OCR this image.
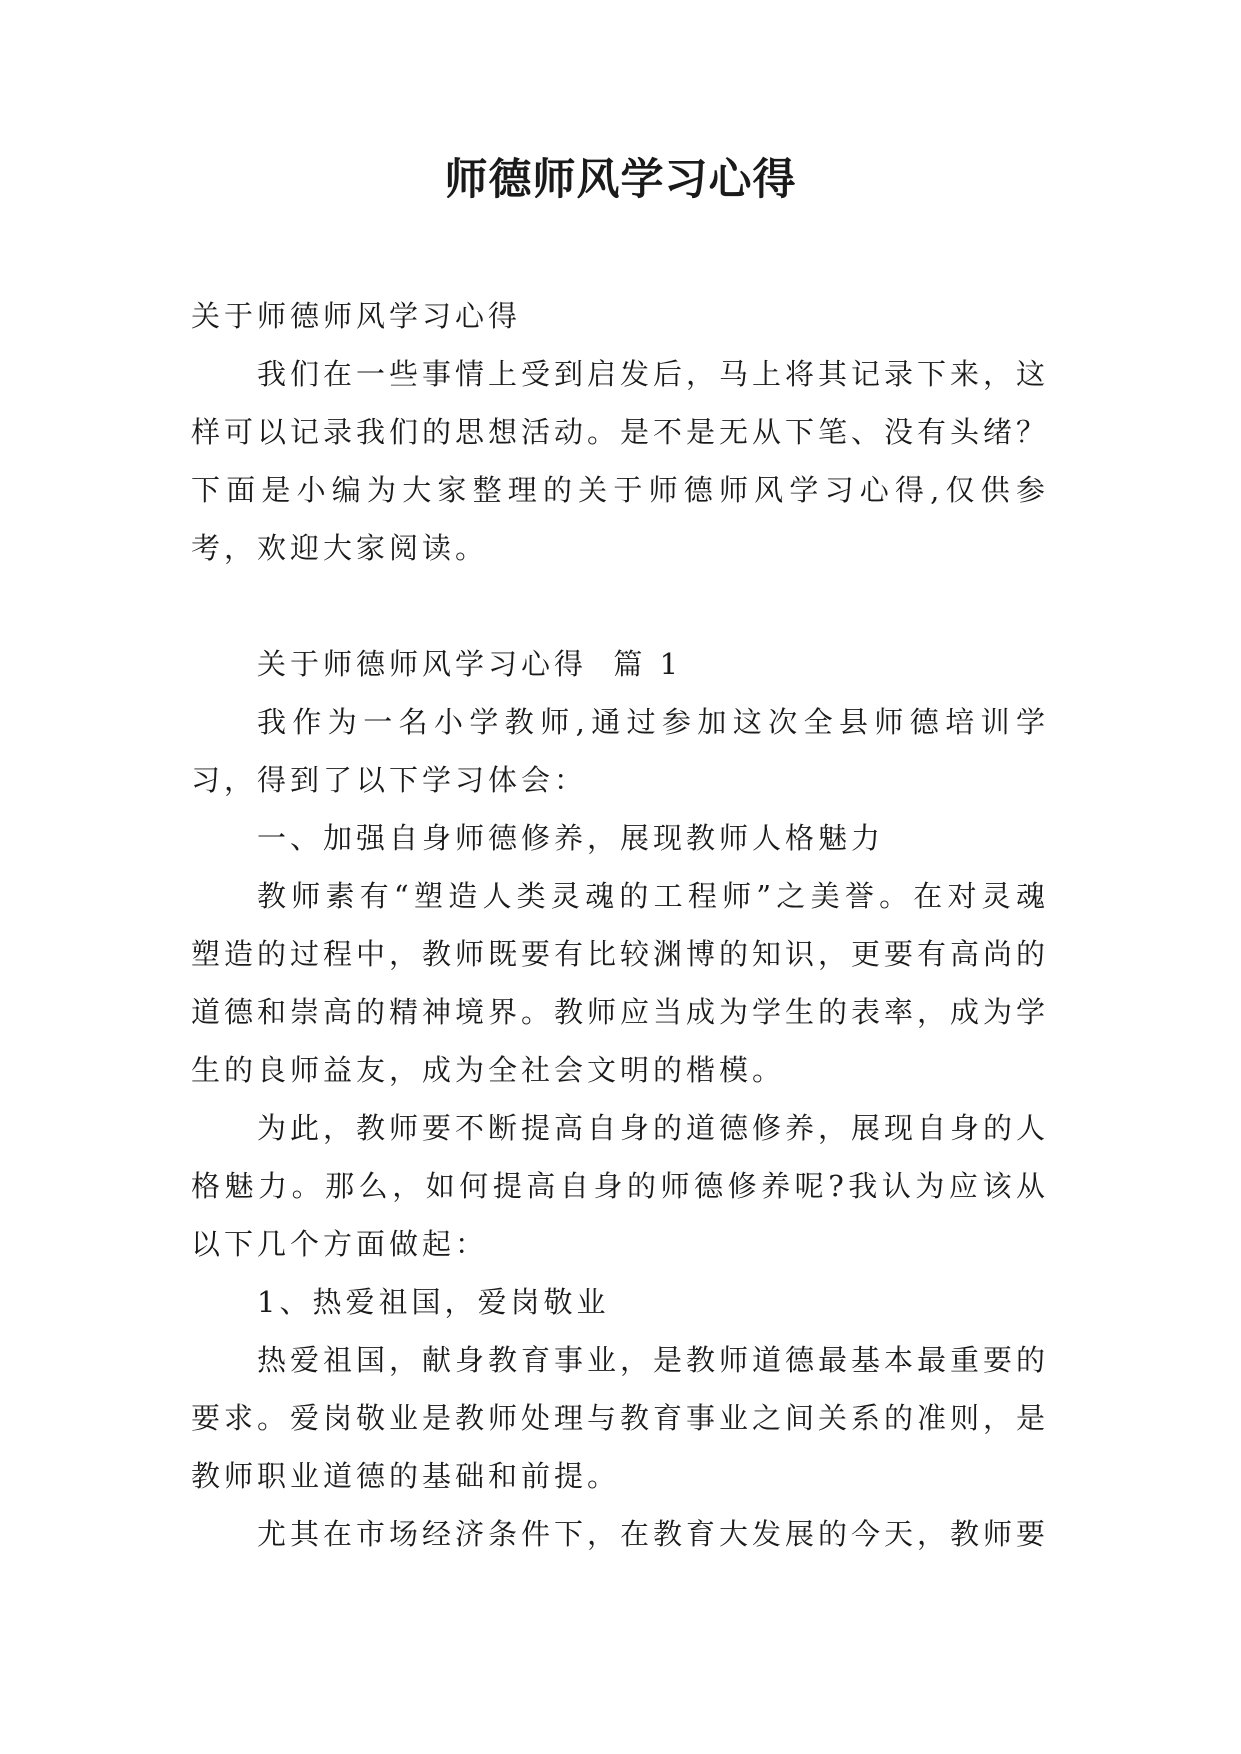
师德师风学习心得

关于师德师风学习心得

我们在一些事情上受到启发后，马上将其记录下来，这样可以记录我们的思想活动。是不是无从下笔、没有头绪？下面是小编为大家整理的关于师德师风学习心得,仅供参考，欢迎大家阅读。

关于师德师风学习心得  篇 1

我作为一名小学教师,通过参加这次全县师德培训学习，得到了以下学习体会：

一、加强自身师德修养，展现教师人格魅力

教师素有“塑造人类灵魂的工程师”之美誉。在对灵魂塑造的过程中，教师既要有比较渊博的知识，更要有高尚的道德和崇高的精神境界。教师应当成为学生的表率，成为学生的良师益友，成为全社会文明的楷模。

为此，教师要不断提高自身的道德修养，展现自身的人格魅力。那么，如何提高自身的师德修养呢?我认为应该从以下几个方面做起：

1、热爱祖国，爱岗敬业

热爱祖国，献身教育事业，是教师道德最基本最重要的要求。爱岗敬业是教师处理与教育事业之间关系的准则，是教师职业道德的基础和前提。

尤其在市场经济条件下，在教育大发展的今天，教师要
